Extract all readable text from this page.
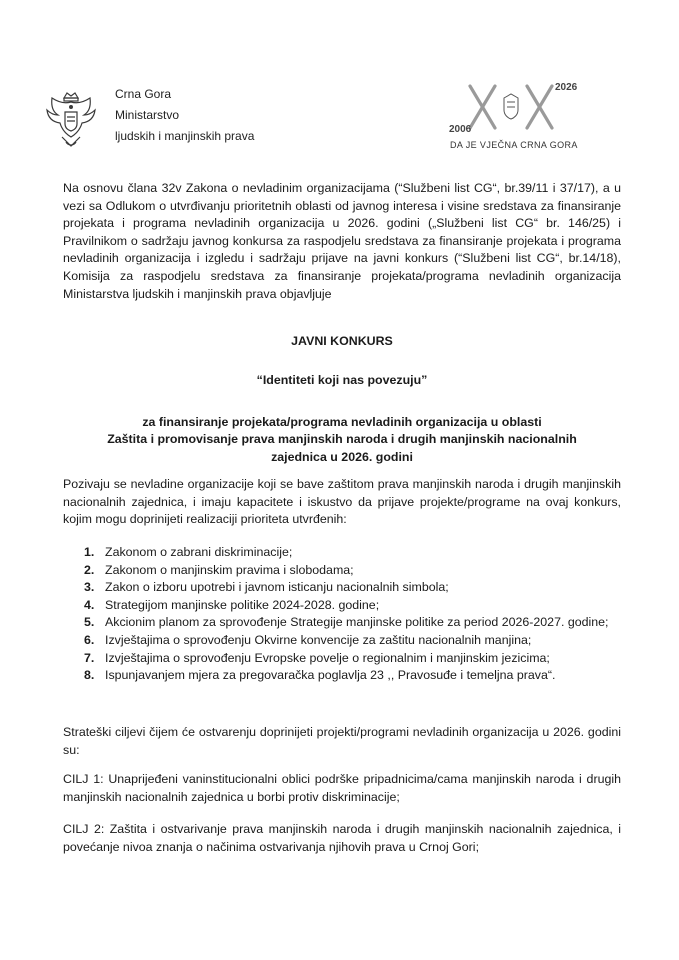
Crna Gora
Ministarstvo
ljudskih i manjinskih prava
2026
2006
DA JE VJEČNA CRNA GORA

Na osnovu člana 32v Zakona o nevladinim organizacijama (“Službeni list CG“, br.39/11 i 37/17), a u vezi sa Odlukom o utvrđivanju prioritetnih oblasti od javnog interesa i visine sredstava za finansiranje projekata i programa nevladinih organizacija u 2026. godini („Službeni list CG“ br. 146/25) i Pravilnikom o sadržaju javnog konkursa za raspodjelu sredstava za finansiranje projekata i programa nevladinih organizacija i izgledu i sadržaju prijave na javni konkurs (“Službeni list CG“, br.14/18), Komisija za raspodjelu sredstava za finansiranje projekata/programa nevladinih organizacija Ministarstva ljudskih i manjinskih prava objavljuje

JAVNI KONKURS
“Identiteti koji nas povezuju”
za finansiranje projekata/programa nevladinih organizacija u oblasti
Zaštita i promovisanje prava manjinskih naroda i drugih manjinskih nacionalnih
zajednica u 2026. godini

Pozivaju se nevladine organizacije koji se bave zaštitom prava manjinskih naroda i drugih manjinskih nacionalnih zajednica, i imaju kapacitete i iskustvo da prijave projekte/programe na ovaj konkurs, kojim mogu doprinijeti realizaciji prioriteta utvrđenih:

1. Zakonom o zabrani diskriminacije;
2. Zakonom o manjinskim pravima i slobodama;
3. Zakon o izboru upotrebi i javnom isticanju nacionalnih simbola;
4. Strategijom manjinske politike 2024-2028. godine;
5. Akcionim planom za sprovođenje Strategije manjinske politike za period 2026-2027. godine;
6. Izvještajima o sprovođenju Okvirne konvencije za zaštitu nacionalnih manjina;
7. Izvještajima o sprovođenju Evropske povelje o regionalnim i manjinskim jezicima;
8. Ispunjavanjem mjera za pregovaračka poglavlja 23 ,, Pravosuđe i temeljna prava“.

Strateški ciljevi čijem će ostvarenju doprinijeti projekti/programi nevladinih organizacija u 2026. godini su:

CILJ 1: Unaprijeđeni vaninstitucionalni oblici podrške pripadnicima/cama manjinskih naroda i drugih manjinskih nacionalnih zajednica u borbi protiv diskriminacije;

CILJ 2: Zaštita i ostvarivanje prava manjinskih naroda i drugih manjinskih nacionalnih zajednica, i povećanje nivoa znanja o načinima ostvarivanja njihovih prava u Crnoj Gori;
